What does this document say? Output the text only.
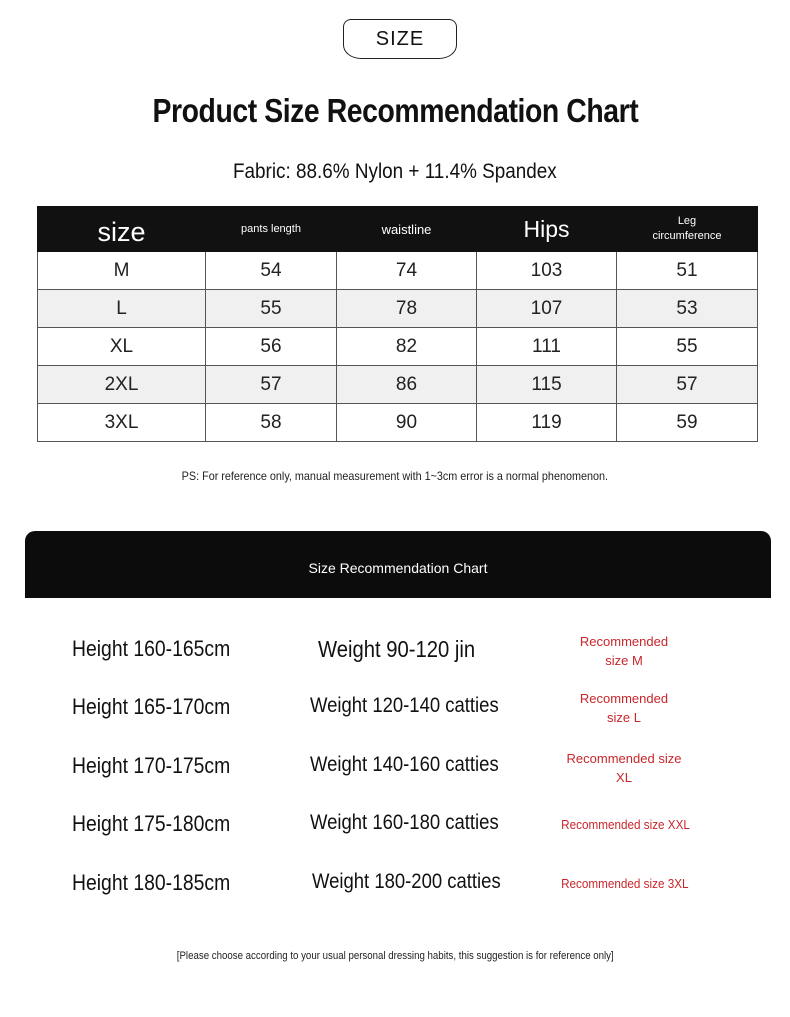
SIZE
Product Size Recommendation Chart
Fabric: 88.6% Nylon + 11.4% Spandex
size	pants length	waistline	Hips	Leg
circumference
M	54	74	103	51
L	55	78	107	53
XL	56	82	111	55
2XL	57	86	115	57
3XL	58	90	119	59
PS: For reference only, manual measurement with 1~3cm error is a normal phenomenon.
Size Recommendation Chart
Height 160-165cm	Weight 90-120 jin	Recommended
size M
Height 165-170cm	Weight 120-140 catties	Recommended
size L
Height 170-175cm	Weight 140-160 catties	Recommended size
XL
Height 175-180cm	Weight 160-180 catties	Recommended size XXL
Height 180-185cm	Weight 180-200 catties	Recommended size 3XL
[Please choose according to your usual personal dressing habits, this suggestion is for reference only]
